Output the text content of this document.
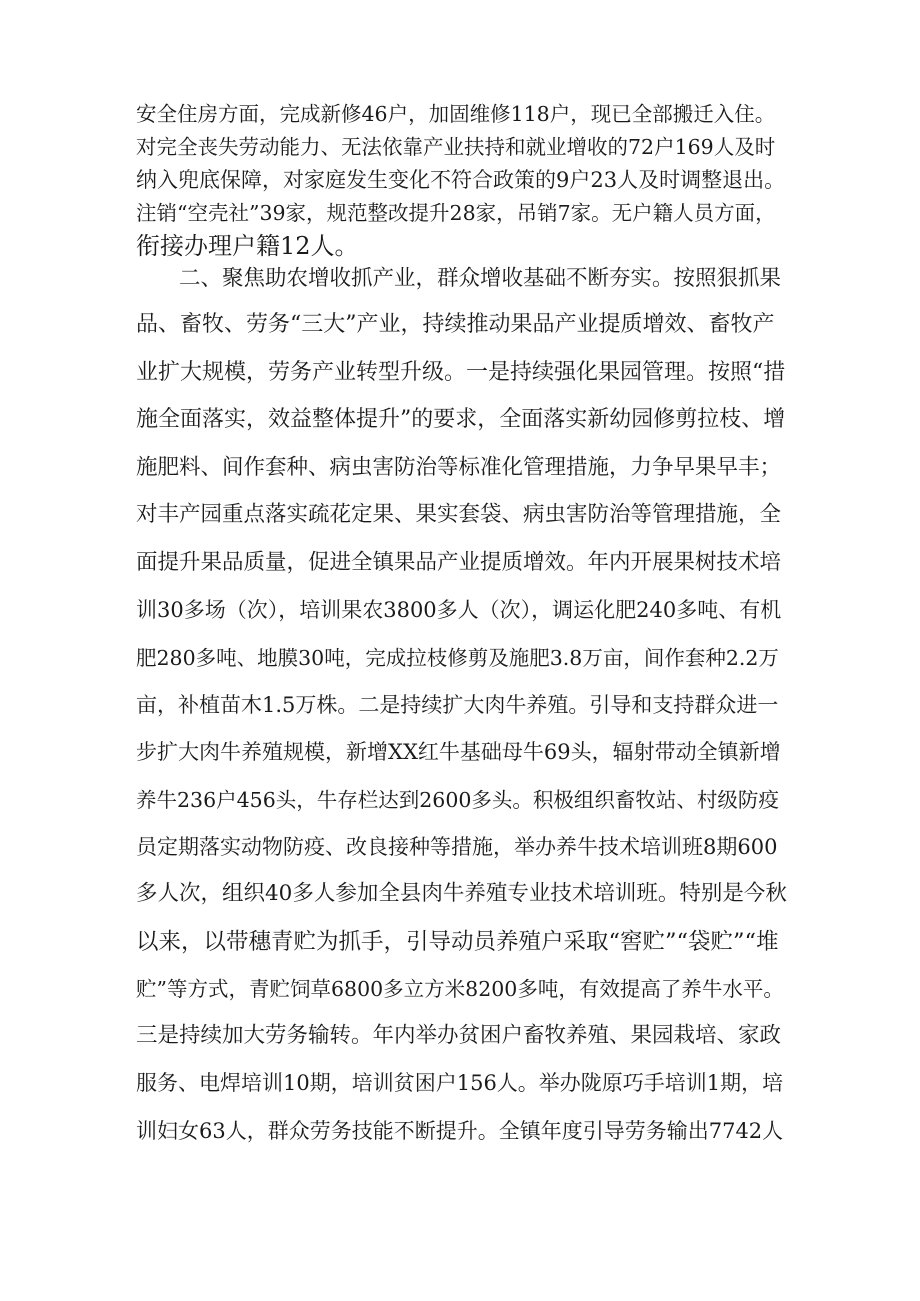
安全住房方面，完成新修46户，加固维修118户，现已全部搬迁入住。
对完全丧失劳动能力、无法依靠产业扶持和就业增收的72户169人及时
纳入兜底保障，对家庭发生变化不符合政策的9户23人及时调整退出。
注销“空壳社”39家，规范整改提升28家，吊销7家。无户籍人员方面，
衔接办理户籍12人。
　　二、聚焦助农增收抓产业，群众增收基础不断夯实。按照狠抓果
品、畜牧、劳务“三大”产业，持续推动果品产业提质增效、畜牧产
业扩大规模，劳务产业转型升级。一是持续强化果园管理。按照“措
施全面落实，效益整体提升”的要求，全面落实新幼园修剪拉枝、增
施肥料、间作套种、病虫害防治等标准化管理措施，力争早果早丰；
对丰产园重点落实疏花定果、果实套袋、病虫害防治等管理措施，全
面提升果品质量，促进全镇果品产业提质增效。年内开展果树技术培
训30多场（次），培训果农3800多人（次），调运化肥240多吨、有机
肥280多吨、地膜30吨，完成拉枝修剪及施肥3.8万亩，间作套种2.2万
亩，补植苗木1.5万株。二是持续扩大肉牛养殖。引导和支持群众进一
步扩大肉牛养殖规模，新增XX红牛基础母牛69头，辐射带动全镇新增
养牛236户456头，牛存栏达到2600多头。积极组织畜牧站、村级防疫
员定期落实动物防疫、改良接种等措施，举办养牛技术培训班8期600
多人次，组织40多人参加全县肉牛养殖专业技术培训班。特别是今秋
以来，以带穗青贮为抓手，引导动员养殖户采取“窖贮”“袋贮”“堆
贮”等方式，青贮饲草6800多立方米8200多吨，有效提高了养牛水平。
三是持续加大劳务输转。年内举办贫困户畜牧养殖、果园栽培、家政
服务、电焊培训10期，培训贫困户156人。举办陇原巧手培训1期，培
训妇女63人，群众劳务技能不断提升。全镇年度引导劳务输出7742人
